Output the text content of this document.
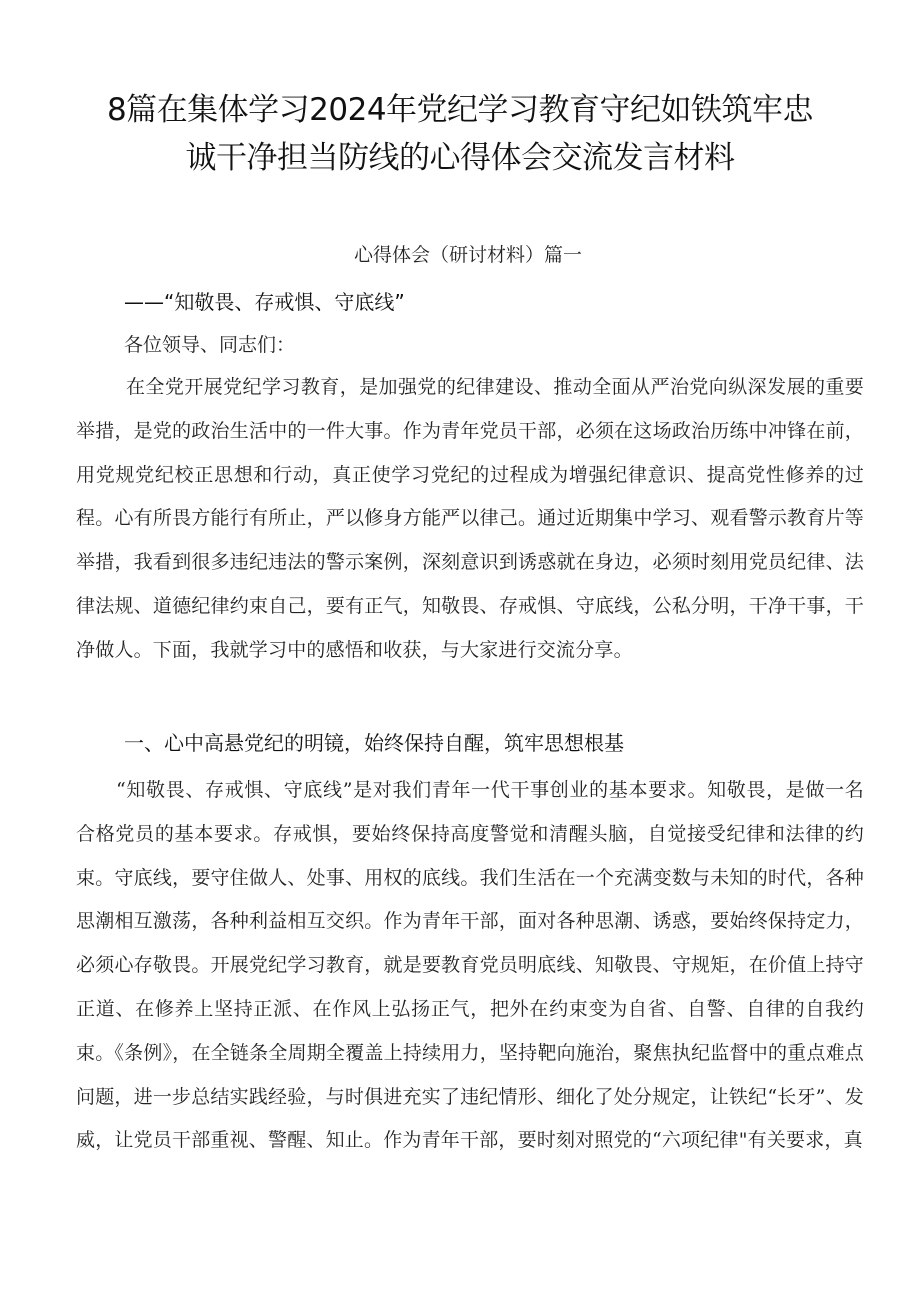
8篇在集体学习2024年党纪学习教育守纪如铁筑牢忠
诚干净担当防线的心得体会交流发言材料
心得体会（研讨材料）篇一
——“知敬畏、存戒惧、守底线”
各位领导、同志们：
在全党开展党纪学习教育，是加强党的纪律建设、推动全面从严治党向纵深发展的重要举措，是党的政治生活中的一件大事。作为青年党员干部，必须在这场政治历练中冲锋在前，用党规党纪校正思想和行动，真正使学习党纪的过程成为增强纪律意识、提高党性修养的过程。心有所畏方能行有所止，严以修身方能严以律己。通过近期集中学习、观看警示教育片等举措，我看到很多违纪违法的警示案例，深刻意识到诱惑就在身边，必须时刻用党员纪律、法律法规、道德纪律约束自己，要有正气，知敬畏、存戒惧、守底线，公私分明，干净干事，干净做人。下面，我就学习中的感悟和收获，与大家进行交流分享。
一、心中高悬党纪的明镜，始终保持自醒，筑牢思想根基
“知敬畏、存戒惧、守底线”是对我们青年一代干事创业的基本要求。知敬畏，是做一名合格党员的基本要求。存戒惧，要始终保持高度警觉和清醒头脑，自觉接受纪律和法律的约束。守底线，要守住做人、处事、用权的底线。我们生活在一个充满变数与未知的时代，各种思潮相互激荡，各种利益相互交织。作为青年干部，面对各种思潮、诱惑，要始终保持定力，必须心存敬畏。开展党纪学习教育，就是要教育党员明底线、知敬畏、守规矩，在价值上持守正道、在修养上坚持正派、在作风上弘扬正气，把外在约束变为自省、自警、自律的自我约束。《条例》，在全链条全周期全覆盖上持续用力，坚持靶向施治，聚焦执纪监督中的重点难点问题，进一步总结实践经验，与时俱进充实了违纪情形、细化了处分规定，让铁纪“长牙”、发威，让党员干部重视、警醒、知止。作为青年干部，要时刻对照党的“六项纪律"有关要求，真
